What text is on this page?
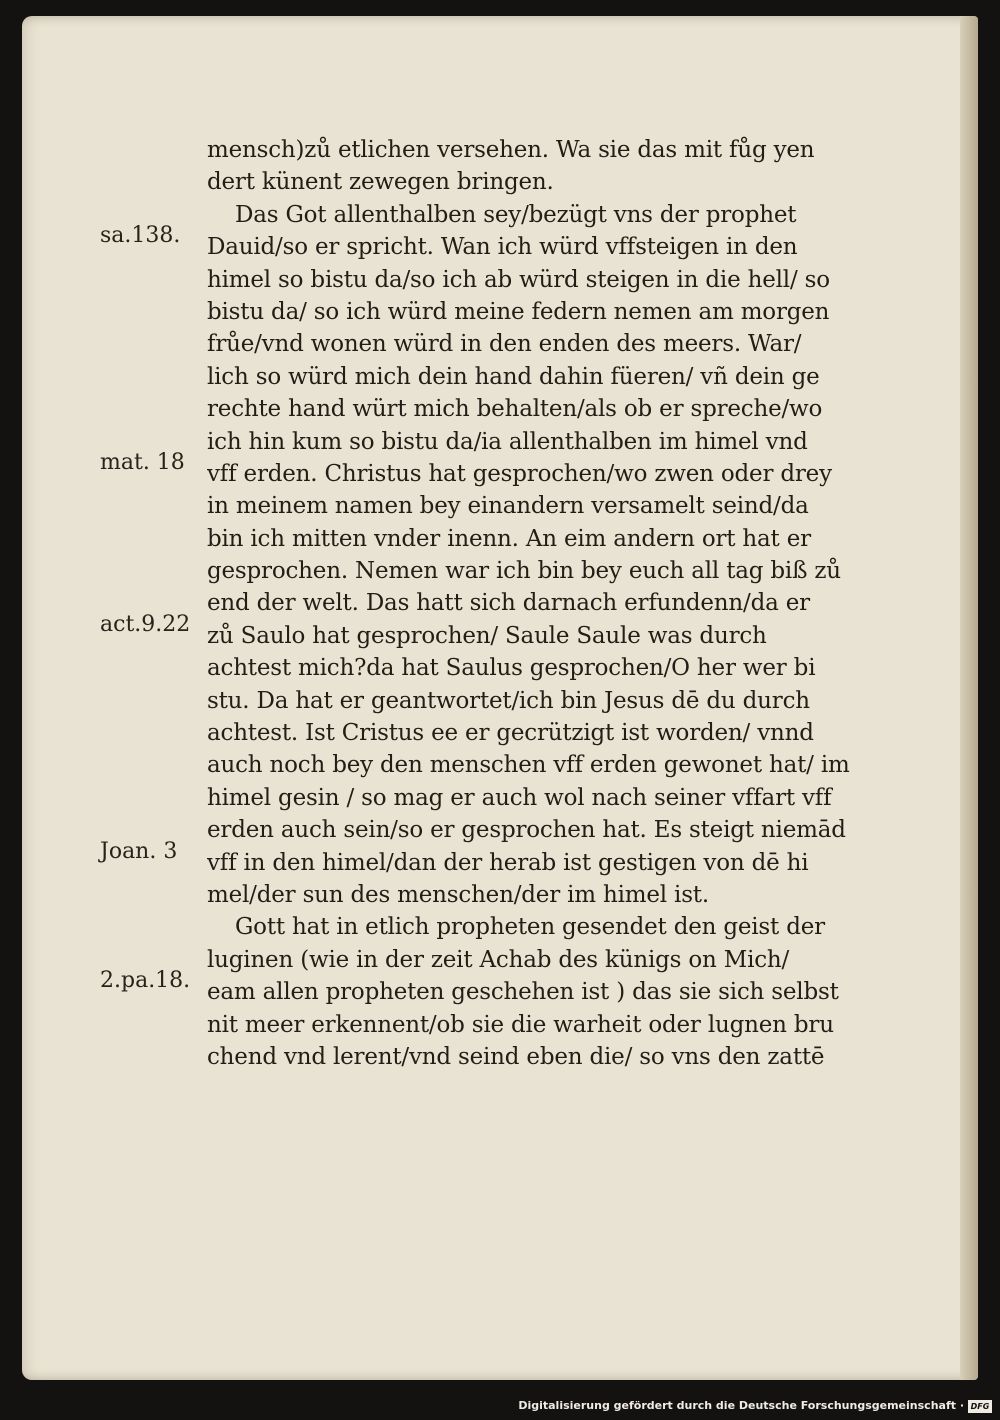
mensch)zů etlichen versehen. Wa sie das mit fůg yen
dert künent zewegen bringen.
Das Got allenthalben sey/bezügt vns der prophet
Dauid/so er spricht. Wan ich würd vffsteigen in den
himel so bistu da/so ich ab würd steigen in die hell/ so
bistu da/ so ich würd meine federn nemen am morgen
frůe/vnd wonen würd in den enden des meers. War/
lich so würd mich dein hand dahin füeren/ vñ dein ge
rechte hand würt mich behalten/als ob er spreche/wo
ich hin kum so bistu da/ia allenthalben im himel vnd
vff erden. Christus hat gesprochen/wo zwen oder drey
in meinem namen bey einandern versamelt seind/da
bin ich mitten vnder inenn. An eim andern ort hat er
gesprochen. Nemen war ich bin bey euch all tag biß zů
end der welt. Das hatt sich darnach erfundenn/da er
zů Saulo hat gesprochen/ Saule Saule was durch
achtest mich?da hat Saulus gesprochen/O her wer bi
stu. Da hat er geantwortet/ich bin Jesus dē du durch
achtest. Ist Cristus ee er gecrützigt ist worden/ vnnd
auch noch bey den menschen vff erden gewonet hat/ im
himel gesin / so mag er auch wol nach seiner vffart vff
erden auch sein/so er gesprochen hat. Es steigt niemād
vff in den himel/dan der herab ist gestigen von dē hi
mel/der sun des menschen/der im himel ist.
Gott hat in etlich propheten gesendet den geist der
luginen (wie in der zeit Achab des künigs on Mich/
eam allen propheten geschehen ist ) das sie sich selbst
nit meer erkennent/ob sie die warheit oder lugnen bru
chend vnd lerent/vnd seind eben die/ so vns den zattē
sa.138.
mat. 18
act.9.22
Joan. 3
2.pa.18.
Digitalisierung gefördert durch die Deutsche Forschungsgemeinschaft · DFG
